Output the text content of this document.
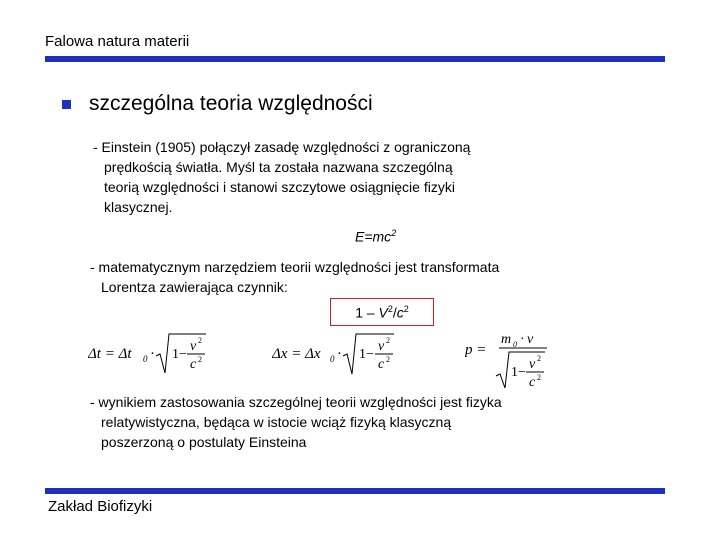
Falowa natura materii
szczególna teoria względności
- Einstein (1905) połączył zasadę względności z ograniczoną
prędkością światła. Myśl ta została nazwana szczególną
teorią względności i stanowi szczytowe osiągnięcie fizyki
klasycznej.
$E=mc^2$
- matematycznym narzędziem teorii względności jest transformata
Lorentza zawierająca czynnik:
$1 - V^2/c^2$
Δt = Δt 0 · 1−
v 2
c 2	Δx = Δx 0 · 1−
v 2
c 2
p =
m 0 · v
1−
v 2
c 2
- wynikiem zastosowania szczególnej teorii względności jest fizyka
relatywistyczna, będąca w istocie wciąż fizyką klasyczną
poszerzoną o postulaty Einsteina
Zakład Biofizyki
